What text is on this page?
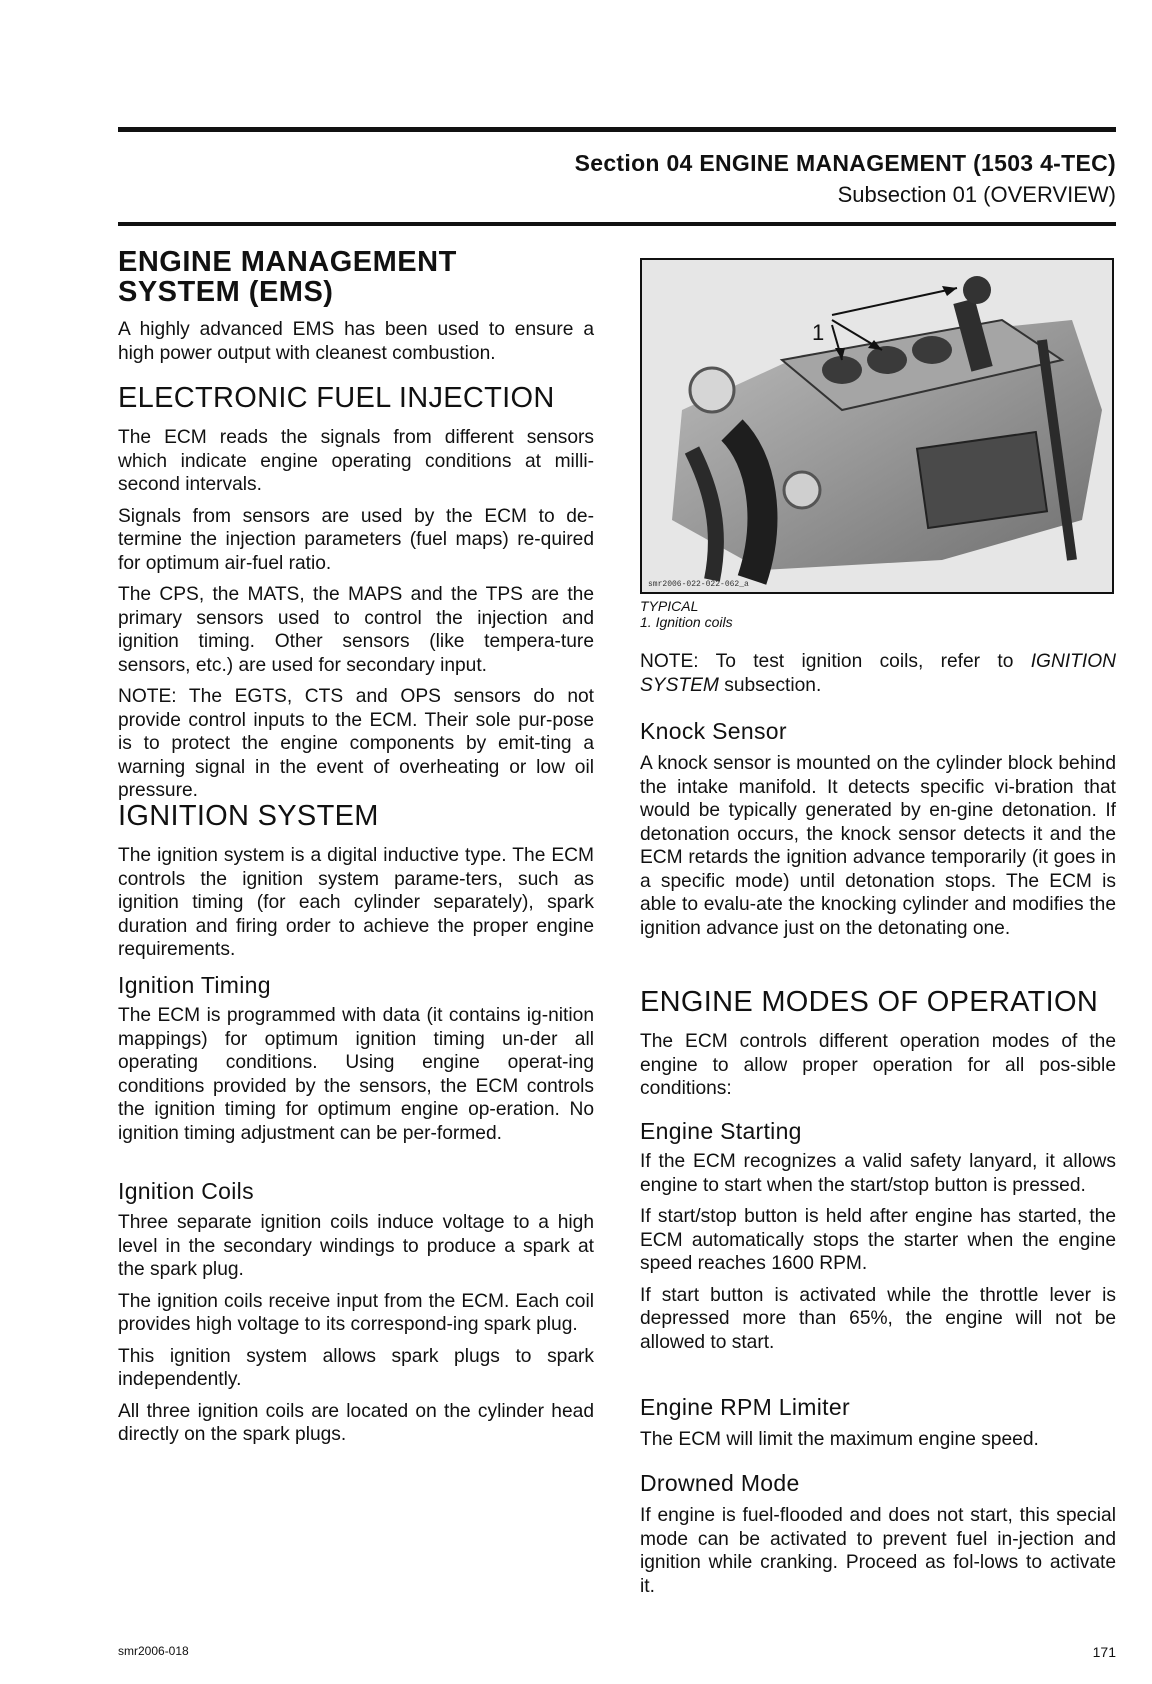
Section 04 ENGINE MANAGEMENT (1503 4-TEC)
Subsection 01 (OVERVIEW)
ENGINE MANAGEMENT
SYSTEM (EMS)

A highly advanced EMS has been used to ensure a high power output with cleanest combustion.

ELECTRONIC FUEL INJECTION

The ECM reads the signals from different sensors which indicate engine operating conditions at milli-second intervals.

Signals from sensors are used by the ECM to de-termine the injection parameters (fuel maps) re-quired for optimum air-fuel ratio.

The CPS, the MATS, the MAPS and the TPS are the primary sensors used to control the injection and ignition timing. Other sensors (like tempera-ture sensors, etc.) are used for secondary input.

NOTE: The EGTS, CTS and OPS sensors do not provide control inputs to the ECM. Their sole pur-pose is to protect the engine components by emit-ting a warning signal in the event of overheating or low oil pressure.

IGNITION SYSTEM

The ignition system is a digital inductive type. The ECM controls the ignition system parame-ters, such as ignition timing (for each cylinder separately), spark duration and firing order to achieve the proper engine requirements.

Ignition Timing

The ECM is programmed with data (it contains ig-nition mappings) for optimum ignition timing un-der all operating conditions. Using engine operat-ing conditions provided by the sensors, the ECM controls the ignition timing for optimum engine op-eration. No ignition timing adjustment can be per-formed.

Ignition Coils

Three separate ignition coils induce voltage to a high level in the secondary windings to produce a spark at the spark plug.

The ignition coils receive input from the ECM. Each coil provides high voltage to its correspond-ing spark plug.

This ignition system allows spark plugs to spark independently.

All three ignition coils are located on the cylinder head directly on the spark plugs.

1
smr2006-022-022-062_a
TYPICAL
1. Ignition coils

NOTE: To test ignition coils, refer to IGNITION SYSTEM subsection.

Knock Sensor

A knock sensor is mounted on the cylinder block behind the intake manifold. It detects specific vi-bration that would be typically generated by en-gine detonation. If detonation occurs, the knock sensor detects it and the ECM retards the ignition advance temporarily (it goes in a specific mode) until detonation stops. The ECM is able to evalu-ate the knocking cylinder and modifies the ignition advance just on the detonating one.

ENGINE MODES OF OPERATION

The ECM controls different operation modes of the engine to allow proper operation for all pos-sible conditions:

Engine Starting

If the ECM recognizes a valid safety lanyard, it allows engine to start when the start/stop button is pressed.

If start/stop button is held after engine has started, the ECM automatically stops the starter when the engine speed reaches 1600 RPM.

If start button is activated while the throttle lever is depressed more than 65%, the engine will not be allowed to start.

Engine RPM Limiter

The ECM will limit the maximum engine speed.

Drowned Mode

If engine is fuel-flooded and does not start, this special mode can be activated to prevent fuel in-jection and ignition while cranking. Proceed as fol-lows to activate it.

smr2006-018	171
